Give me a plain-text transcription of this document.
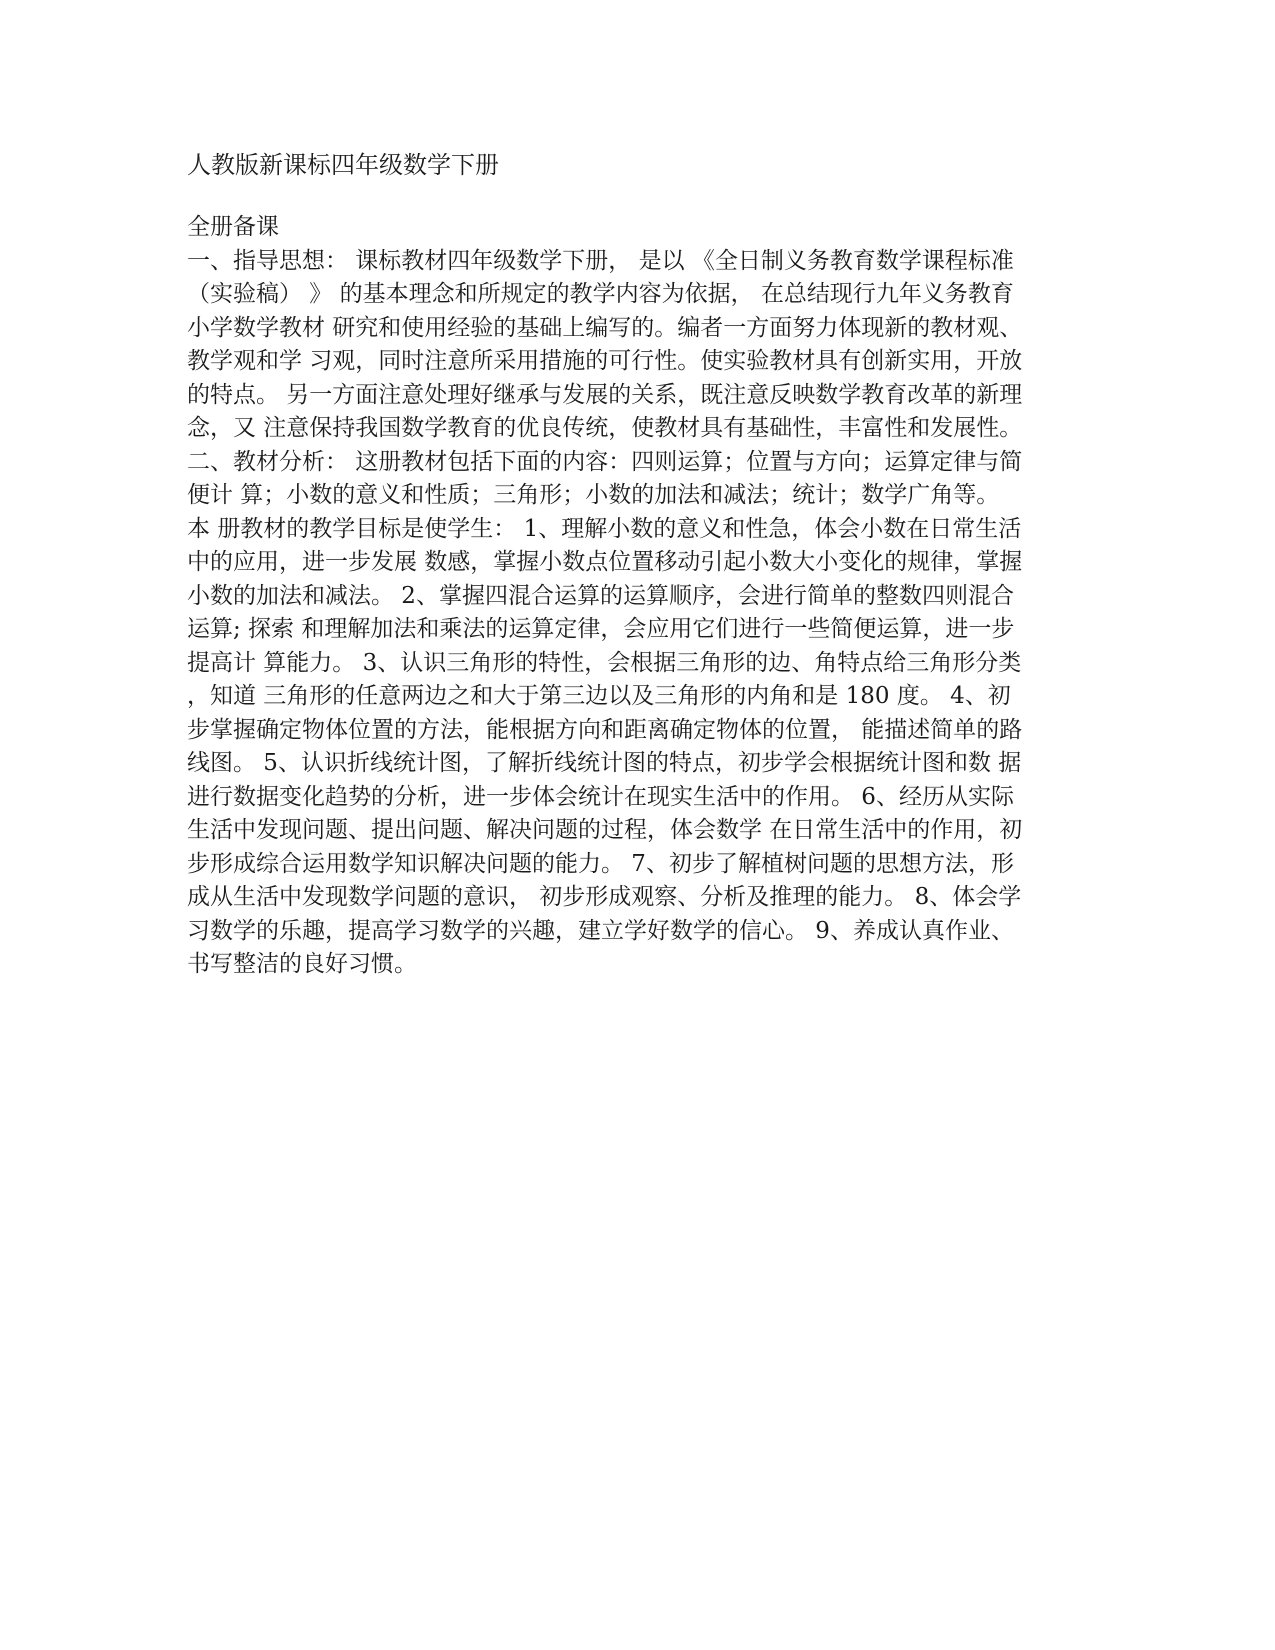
人教版新课标四年级数学下册
全册备课
一、指导思想： 课标教材四年级数学下册， 是以 《全日制义务教育数学课程标准
（实验稿） 》 的基本理念和所规定的教学内容为依据， 在总结现行九年义务教育
小学数学教材 研究和使用经验的基础上编写的。编者一方面努力体现新的教材观、
教学观和学 习观，同时注意所采用措施的可行性。使实验教材具有创新实用，开放
的特点。 另一方面注意处理好继承与发展的关系，既注意反映数学教育改革的新理
念，又 注意保持我国数学教育的优良传统，使教材具有基础性，丰富性和发展性。
二、教材分析： 这册教材包括下面的内容：四则运算；位置与方向；运算定律与简
便计 算；小数的意义和性质；三角形；小数的加法和减法；统计；数学广角等。
本 册教材的教学目标是使学生： 1、理解小数的意义和性急，体会小数在日常生活
中的应用，进一步发展 数感，掌握小数点位置移动引起小数大小变化的规律，掌握
小数的加法和减法。 2、掌握四混合运算的运算顺序，会进行简单的整数四则混合
运算; 探索 和理解加法和乘法的运算定律，会应用它们进行一些简便运算，进一步
提高计 算能力。 3、认识三角形的特性，会根据三角形的边、角特点给三角形分类
，知道 三角形的任意两边之和大于第三边以及三角形的内角和是 180 度。 4、初
步掌握确定物体位置的方法，能根据方向和距离确定物体的位置， 能描述简单的路
线图。 5、认识折线统计图，了解折线统计图的特点，初步学会根据统计图和数 据
进行数据变化趋势的分析，进一步体会统计在现实生活中的作用。 6、经历从实际
生活中发现问题、提出问题、解决问题的过程，体会数学 在日常生活中的作用，初
步形成综合运用数学知识解决问题的能力。 7、初步了解植树问题的思想方法，形
成从生活中发现数学问题的意识， 初步形成观察、分析及推理的能力。 8、体会学
习数学的乐趣，提高学习数学的兴趣，建立学好数学的信心。 9、养成认真作业、
书写整洁的良好习惯。
